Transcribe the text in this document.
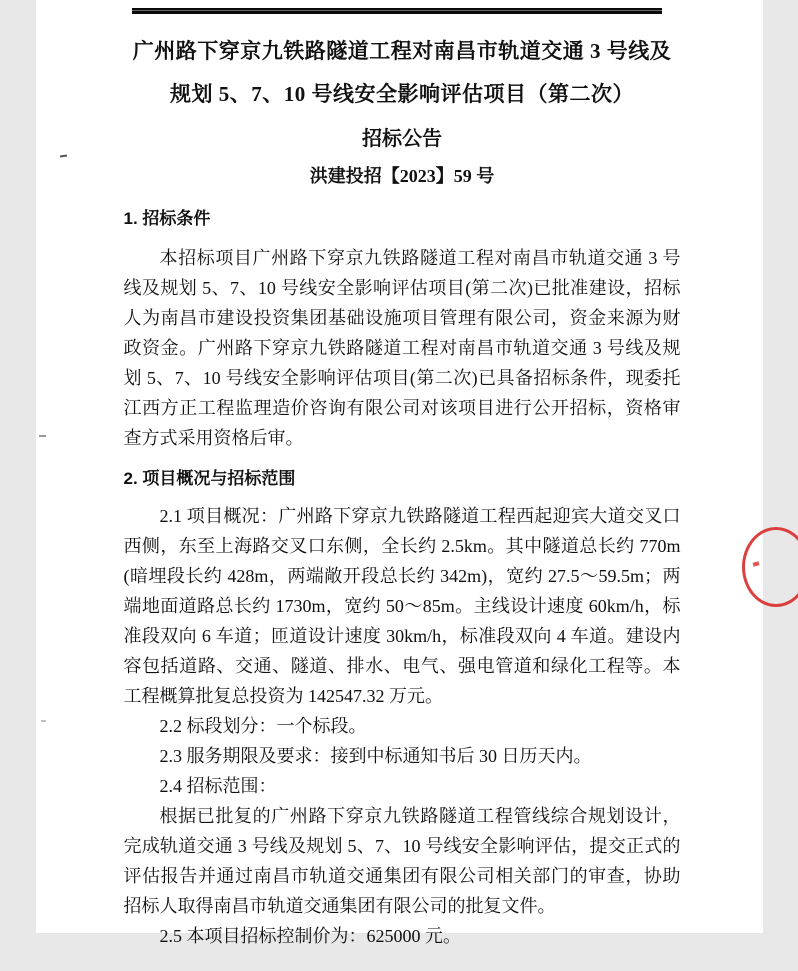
广州路下穿京九铁路隧道工程对南昌市轨道交通 3 号线及
规划 5、7、10 号线安全影响评估项目（第二次）
招标公告
洪建投招【2023】59 号
1. 招标条件

本招标项目广州路下穿京九铁路隧道工程对南昌市轨道交通 3 号线及规划 5、7、10 号线安全影响评估项目(第二次)已批准建设，招标人为南昌市建设投资集团基础设施项目管理有限公司，资金来源为财政资金。广州路下穿京九铁路隧道工程对南昌市轨道交通 3 号线及规划 5、7、10 号线安全影响评估项目(第二次)已具备招标条件，现委托江西方正工程监理造价咨询有限公司对该项目进行公开招标，资格审查方式采用资格后审。

2. 项目概况与招标范围

2.1 项目概况：广州路下穿京九铁路隧道工程西起迎宾大道交叉口西侧，东至上海路交叉口东侧，全长约 2.5km。其中隧道总长约 770m(暗埋段长约 428m，两端敞开段总长约 342m)，宽约 27.5～59.5m；两端地面道路总长约 1730m，宽约 50～85m。主线设计速度 60km/h，标准段双向 6 车道；匝道设计速度 30km/h，标准段双向 4 车道。建设内容包括道路、交通、隧道、排水、电气、强电管道和绿化工程等。本工程概算批复总投资为 142547.32 万元。

2.2 标段划分：一个标段。

2.3 服务期限及要求：接到中标通知书后 30 日历天内。

2.4 招标范围：

根据已批复的广州路下穿京九铁路隧道工程管线综合规划设计，完成轨道交通 3 号线及规划 5、7、10 号线安全影响评估，提交正式的评估报告并通过南昌市轨道交通集团有限公司相关部门的审查，协助招标人取得南昌市轨道交通集团有限公司的批复文件。

2.5 本项目招标控制价为：625000 元。
